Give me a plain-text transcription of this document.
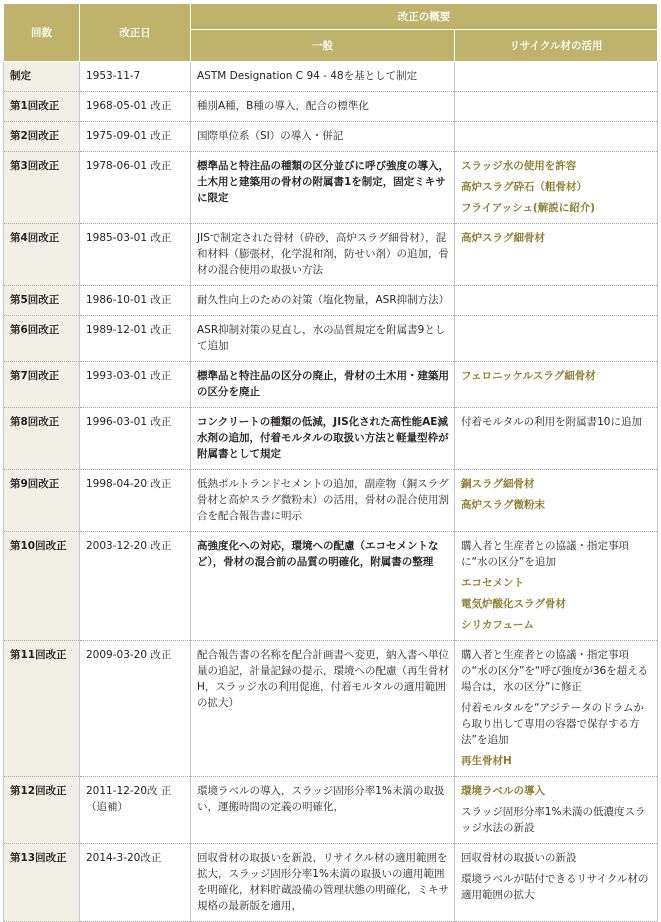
回数	改正日	改正の概要	
		一般	リサイクル材の活用
制定	1953-11-7	ASTM Designation C 94 - 48を基として制定	
第1回改正	1968-05-01 改正	種別A種，B種の導入，配合の標準化	
第2回改正	1975-09-01 改正	国際単位系（SI）の導入・併記	
第3回改正	1978-06-01 改正	標準品と特注品の種類の区分並びに呼び強度の導入，土木用と建築用の骨材の附属書1を制定，固定ミキサに限定	スラッジ水の使用を許容
高炉スラグ砕石（粗骨材）
フライアッシュ(解説に紹介)

第4回改正	1985-03-01 改正	JISで制定された骨材（砕砂，高炉スラグ細骨材），混和材料（膨張材，化学混和剤，防せい剤）の追加，骨材の混合使用の取扱い方法	高炉スラグ細骨材

第5回改正	1986-10-01 改正	耐久性向上のための対策（塩化物量，ASR抑制方法）	
第6回改正	1989-12-01 改正	ASR抑制対策の見直し，水の品質規定を附属書9として追加	
第7回改正	1993-03-01 改正	標準品と特注品の区分の廃止，骨材の土木用・建築用の区分を廃止	フェロニッケルスラグ細骨材

第8回改正	1996-03-01 改正	コンクリートの種類の低減，JIS化された高性能AE減水剤の追加，付着モルタルの取扱い方法と軽量型枠が附属書として規定	付着モルタルの利用を附属書10に追加

第9回改正	1998-04-20 改正	低熱ポルトランドセメントの追加，副産物（銅スラグ骨材と高炉スラグ微粉末）の活用，骨材の混合使用割合を配合報告書に明示	銅スラグ細骨材
高炉スラグ微粉末

第10回改正	2003-12-20 改正	高強度化への対応，環境への配慮（エコセメントなど），骨材の混合前の品質の明確化，附属書の整理	購入者と生産者との協議・指定事項に“水の区分”を追加
エコセメント
電気炉酸化スラグ骨材
シリカフューム

第11回改正	2009-03-20 改正	配合報告書の名称を配合計画書へ変更，納入書へ単位量の追記，計量記録の提示，環境への配慮（再生骨材H，スラッジ水の利用促進，付着モルタルの適用範囲の拡大）	購入者と生産者との協議・指定事項の“水の区分”を“呼び強度が36を超える場合は，水の区分”に修正
付着モルタルを“アジテータのドラムから取り出して専用の容器で保存する方法”を追加
再生骨材H

第12回改正	2011-12-20改 正（追補）	環境ラベルの導入，スラッジ固形分率1%未満の取扱い，運搬時間の定義の明確化，	環境ラベルの導入
スラッジ固形分率1%未満の低濃度スラッジ水法の新設

第13回改正	2014-3-20改正	回収骨材の取扱いを新設，リサイクル材の適用範囲を拡大，スラッジ固形分率1%未満の取扱いの適用範囲を明確化，材料貯蔵設備の管理状態の明確化，ミキサ規格の最新版を適用，	回収骨材の取扱いの新設
環境ラベルが貼付できるリサイクル材の適用範囲の拡大
